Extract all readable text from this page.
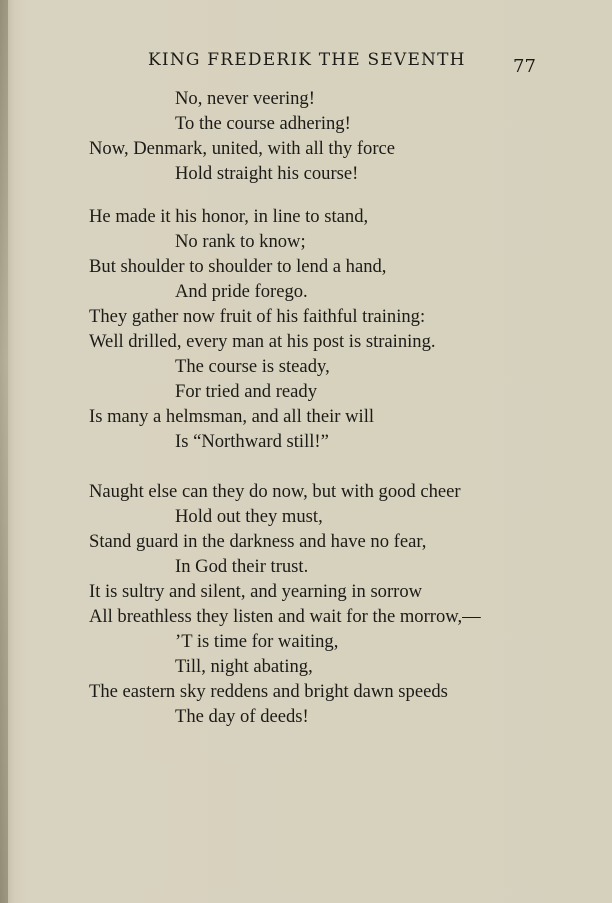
KING FREDERIK THE SEVENTH	77
No, never veering!
To the course adhering!
Now, Denmark, united, with all thy force
Hold straight his course!
He made it his honor, in line to stand,
No rank to know;
But shoulder to shoulder to lend a hand,
And pride forego.
They gather now fruit of his faithful training:
Well drilled, every man at his post is straining.
The course is steady,
For tried and ready
Is many a helmsman, and all their will
Is “Northward still!”
Naught else can they do now, but with good cheer
Hold out they must,
Stand guard in the darkness and have no fear,
In God their trust.
It is sultry and silent, and yearning in sorrow
All breathless they listen and wait for the morrow,—
’T is time for waiting,
Till, night abating,
The eastern sky reddens and bright dawn speeds
The day of deeds!
